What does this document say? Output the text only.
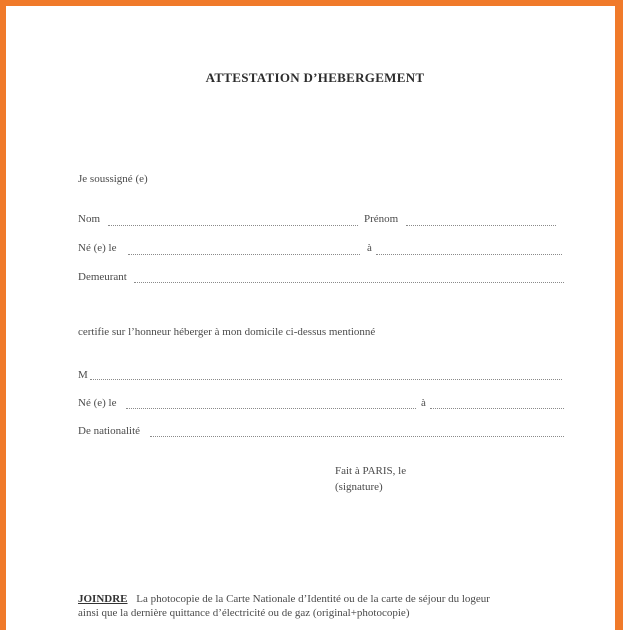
ATTESTATION D’HEBERGEMENT
Je soussigné (e)
Nom	Prénom
Né (e) le	à
Demeurant
certifie sur l’honneur héberger à mon domicile ci-dessus mentionné
M
Né (e) le	à
De nationalité
Fait à PARIS, le
(signature)
JOINDRE La photocopie de la Carte Nationale d’Identité ou de la carte de séjour du logeur
ainsi que la dernière quittance d’électricité ou de gaz (original+photocopie)
